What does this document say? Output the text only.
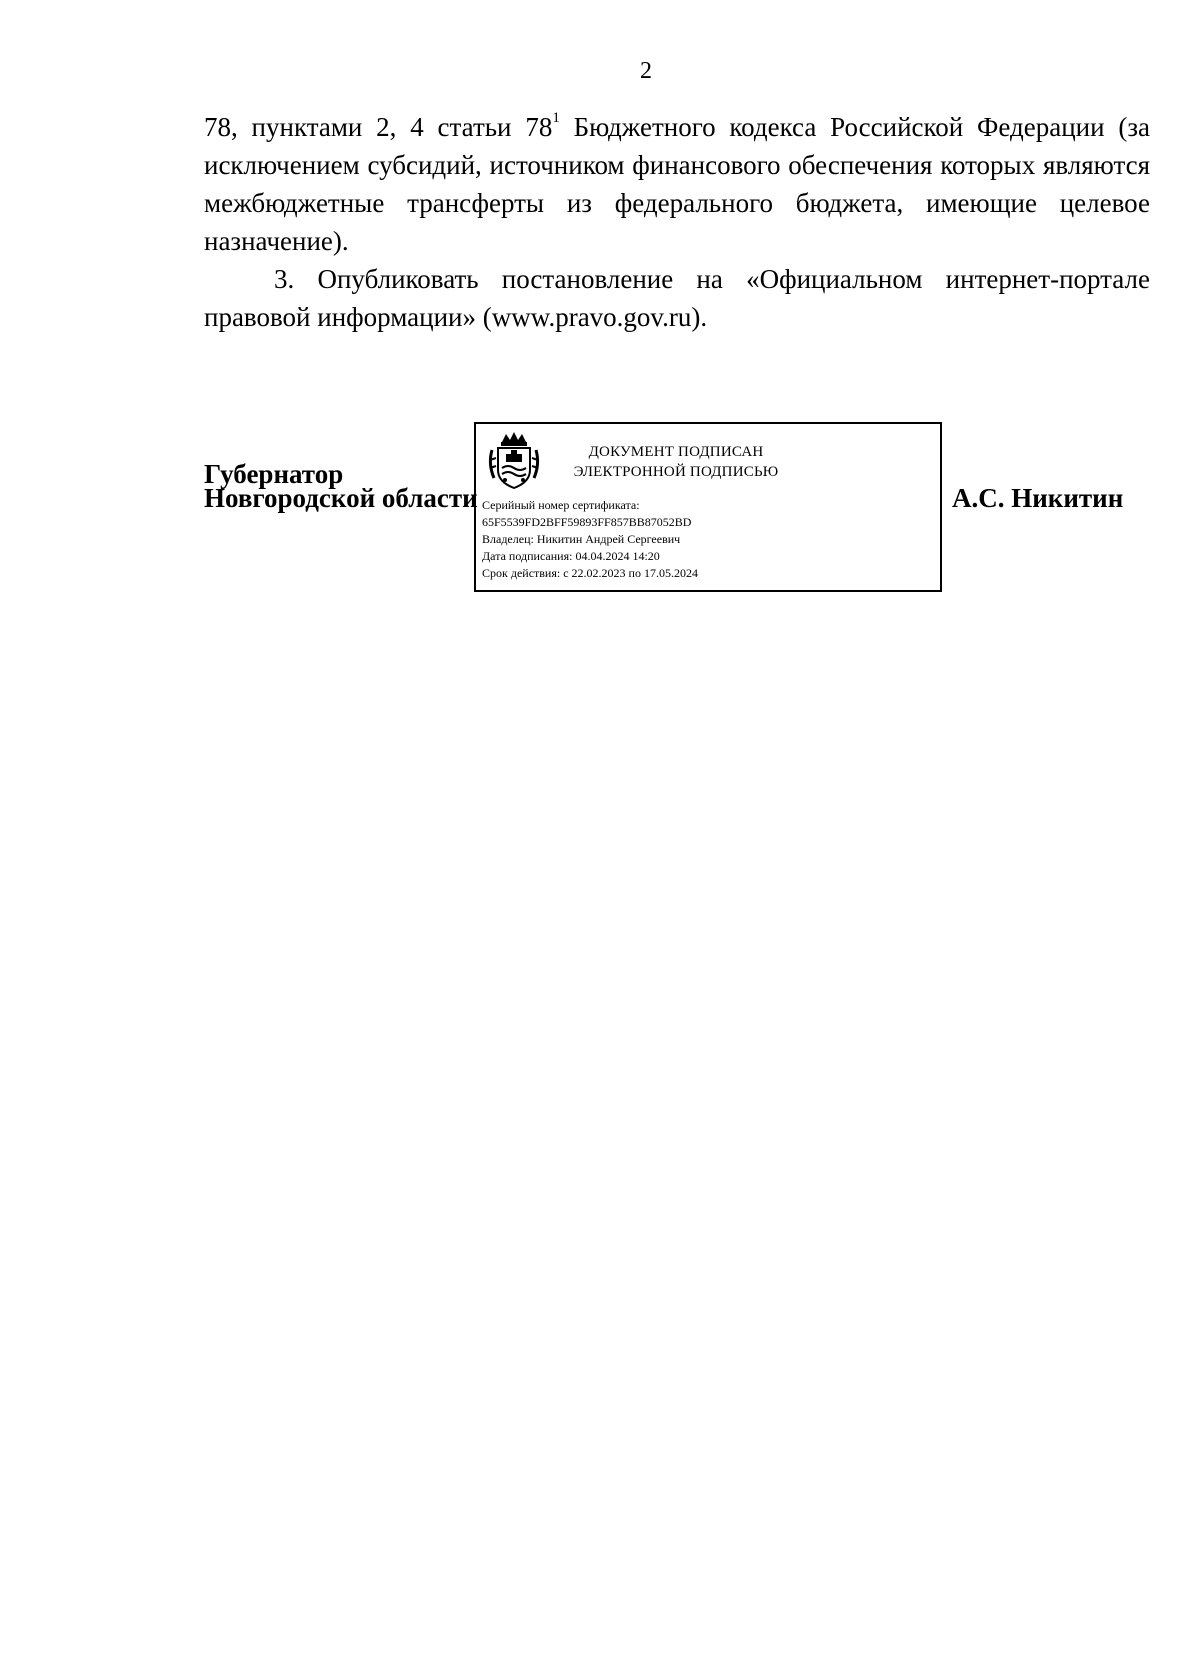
2

78, пунктами 2, 4 статьи $78^1$ Бюджетного кодекса Российской Федерации (за исключением субсидий, источником финансового обеспечения которых являются межбюджетные трансферты из федерального бюджета, имеющие целевое назначение).

3. Опубликовать постановление на «Официальном интернет-портале правовой информации» (www.pravo.gov.ru).

Губернатор
Новгородской области
ДОКУМЕНТ ПОДПИСАН
ЭЛЕКТРОННОЙ ПОДПИСЬЮ
Серийный номер сертификата:
65F5539FD2BFF59893FF857BB87052BD
Владелец: Никитин Андрей Сергеевич
Дата подписания: 04.04.2024 14:20
Срок действия: с 22.02.2023 по 17.05.2024
А.С. Никитин
